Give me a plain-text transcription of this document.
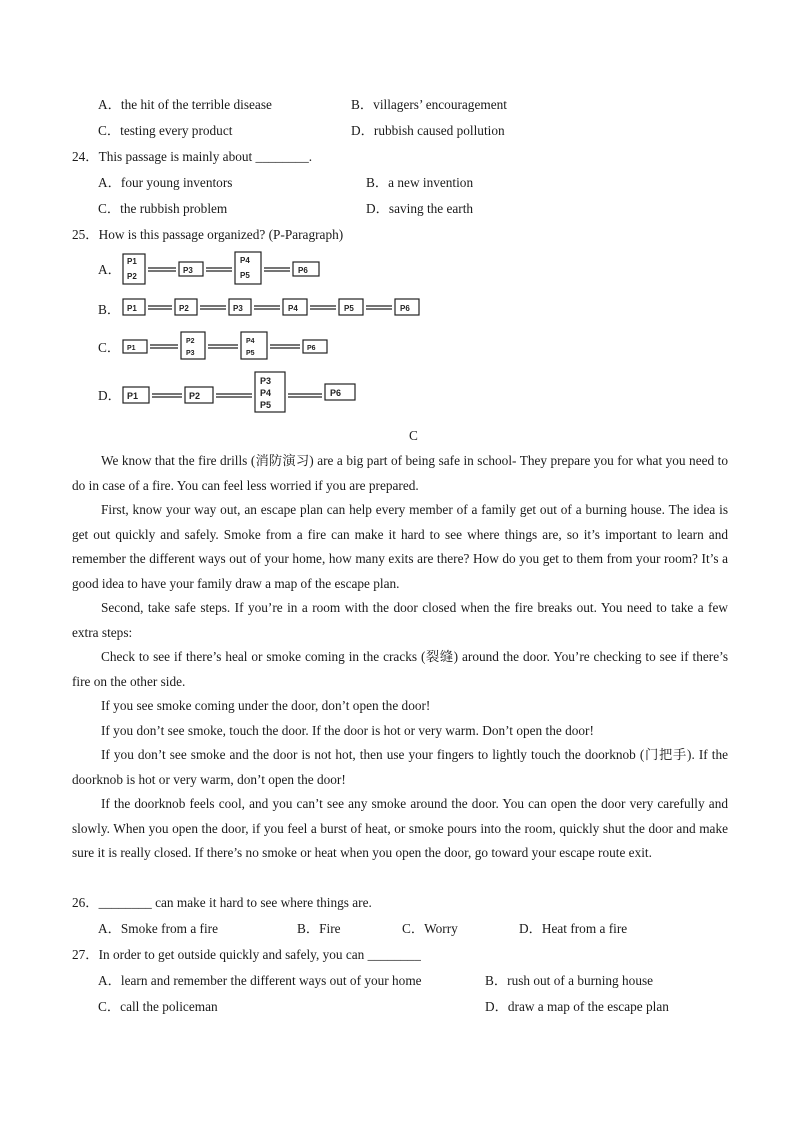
A．the hit of the terrible disease	B．villagers’ encouragement
C．testing every product	D．rubbish caused pollution
24．This passage is mainly about ________.
A．four young inventors	B．a new invention
C．the rubbish problem	D．saving the earth
25．How is this passage organized? (P-Paragraph)
A．
B．
C．
D．
P1
P2
P3
P4
P5
P6
P1	P2	P3	P4	P5	P6
P1
P2
P3
P4
P5
P6
P1	P2
P3
P4
P5
P6
C
We know that the fire drills (消防演习) are a big part of being safe in school- They prepare you for what you need to do in case of a fire. You can feel less worried if you are prepared.
First, know your way out, an escape plan can help every member of a family get out of a burning house. The idea is get out quickly and safely. Smoke from a fire can make it hard to see where things are, so it’s important to learn and remember the different ways out of your home, how many exits are there? How do you get to them from your room? It’s a good idea to have your family draw a map of the escape plan.
Second, take safe steps. If you’re in a room with the door closed when the fire breaks out. You need to take a few extra steps:
Check to see if there’s heal or smoke coming in the cracks (裂缝) around the door. You’re checking to see if there’s fire on the other side.
If you see smoke coming under the door, don’t open the door!
If you don’t see smoke, touch the door. If the door is hot or very warm. Don’t open the door!
If you don’t see smoke and the door is not hot, then use your fingers to lightly touch the doorknob (门把手). If the doorknob is hot or very warm, don’t open the door!
If the doorknob feels cool, and you can’t see any smoke around the door. You can open the door very carefully and slowly. When you open the door, if you feel a burst of heat, or smoke pours into the room, quickly shut the door and make sure it is really closed. If there’s no smoke or heat when you open the door, go toward your escape route exit.
26．________ can make it hard to see where things are.
A．Smoke from a fire	B．Fire	C．Worry	D．Heat from a fire
27．In order to get outside quickly and safely, you can ________
A．learn and remember the different ways out of your home	B．rush out of a burning house
C．call the policeman	D．draw a map of the escape plan
